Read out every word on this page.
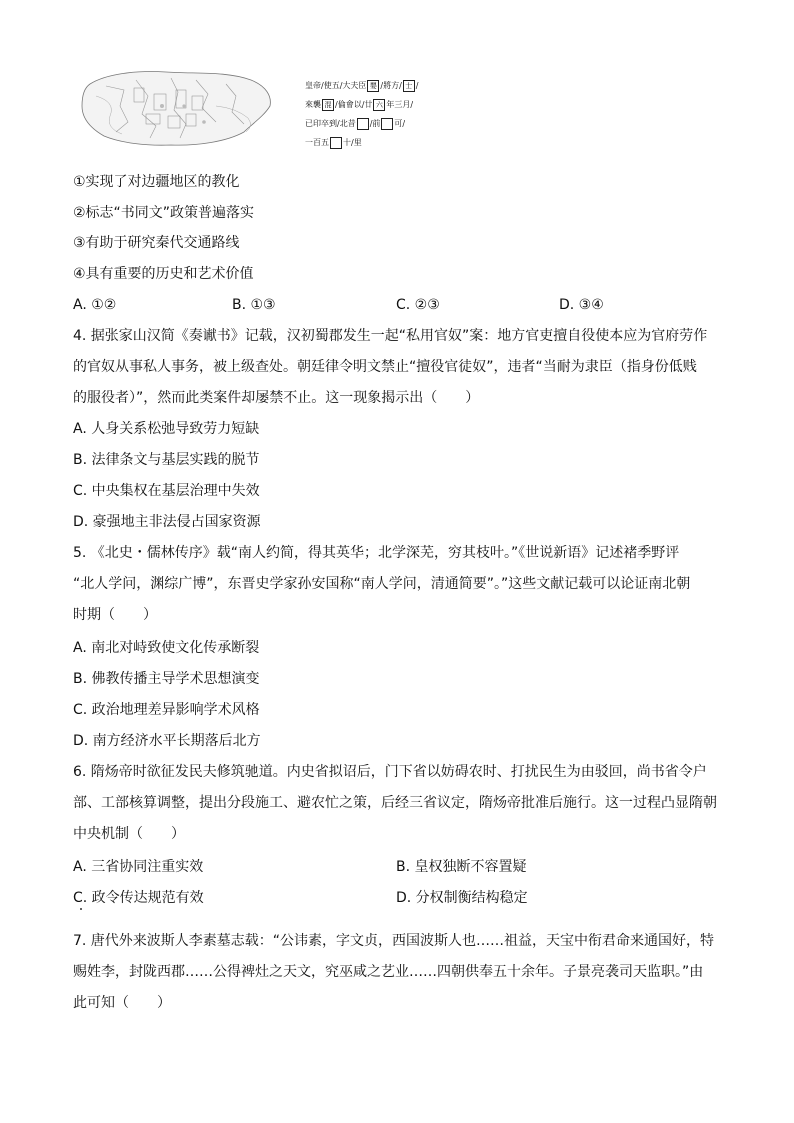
皇帝/使五/大夫臣 嬰 /將方/ 士 /
來襲 混 /倫會以/廿 六 年三月/
已印卒到/北昔 /前 可/
一百五 十/里
①实现了对边疆地区的教化
②标志“书同文”政策普遍落实
③有助于研究秦代交通路线
④具有重要的历史和艺术价值
A. ①②	B. ①③	C. ②③	D. ③④
4. 据张家山汉简《奏谳书》记载，汉初蜀郡发生一起“私用官奴”案：地方官吏擅自役使本应为官府劳作
的官奴从事私人事务，被上级查处。朝廷律令明文禁止“擅役官徒奴”，违者“当耐为隶臣（指身份低贱
的服役者）”，然而此类案件却屡禁不止。这一现象揭示出（　　）
A. 人身关系松弛导致劳力短缺
B. 法律条文与基层实践的脱节
C. 中央集权在基层治理中失效
D. 豪强地主非法侵占国家资源
5. 《北史・儒林传序》载“南人约简，得其英华；北学深芜，穷其枝叶。”《世说新语》记述褚季野评
“北人学问，渊综广博”，东晋史学家孙安国称“南人学问，清通简要”。”这些文献记载可以论证南北朝
时期（　　）
A. 南北对峙致使文化传承断裂
B. 佛教传播主导学术思想演变
C. 政治地理差异影响学术风格
D. 南方经济水平长期落后北方
6. 隋炀帝时欲征发民夫修筑驰道。内史省拟诏后，门下省以妨碍农时、打扰民生为由驳回，尚书省令户
部、工部核算调整，提出分段施工、避农忙之策，后经三省议定，隋炀帝批准后施行。这一过程凸显隋朝
中央机制（　　）
A. 三省协同注重实效	B. 皇权独断不容置疑
C. 政令传达规范有效	D. 分权制衡结构稳定
7. 唐代外来波斯人李素墓志载：“公讳素，字文贞，西国波斯人也……祖益，天宝中衔君命来通国好，特
赐姓李，封陇西郡……公得裨灶之天文，究巫咸之艺业……四朝供奉五十余年。子景亮袭司天监职。”由
此可知（　　）
